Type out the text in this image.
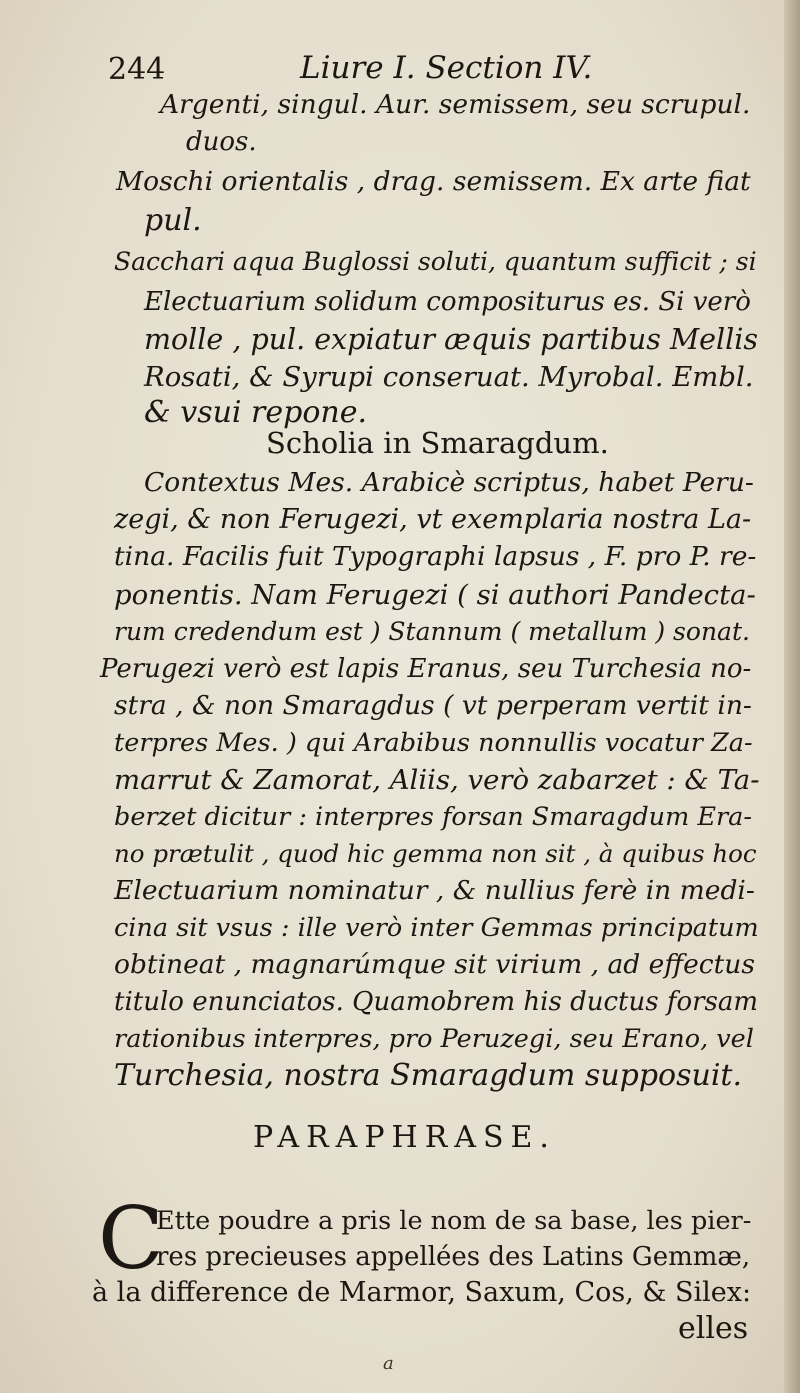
244	Liure I. Section IV.
Argenti, singul. Aur. semissem, seu scrupul.
duos.
Moschi orientalis , drag. semissem. Ex arte fiat
pul.
Sacchari aqua Buglossi soluti, quantum sufficit ; si
Electuarium solidum compositurus es. Si verò
molle , pul. expiatur æquis partibus Mellis
Rosati, & Syrupi conseruat. Myrobal. Embl.
& vsui repone.
Scholia in Smaragdum.
Contextus Mes. Arabicè scriptus, habet Peru-
zegi, & non Ferugezi, vt exemplaria nostra La-
tina. Facilis fuit Typographi lapsus , F. pro P. re-
ponentis. Nam Ferugezi ( si authori Pandecta-
rum credendum est ) Stannum ( metallum ) sonat.
Perugezi verò est lapis Eranus, seu Turchesia no-
stra , & non Smaragdus ( vt perperam vertit in-
terpres Mes. ) qui Arabibus nonnullis vocatur Za-
marrut & Zamorat, Aliis, verò zabarzet : & Ta-
berzet dicitur : interpres forsan Smaragdum Era-
no prætulit , quod hic gemma non sit , à quibus hoc
Electuarium nominatur , & nullius ferè in medi-
cina sit vsus : ille verò inter Gemmas principatum
obtineat , magnarúmque sit virium , ad effectus
titulo enunciatos. Quamobrem his ductus forsam
rationibus interpres, pro Peruzegi, seu Erano, vel
Turchesia, nostra Smaragdum supposuit.
PARAPHRASE.
C
Ette poudre a pris le nom de sa base, les pier-
res precieuses appellées des Latins Gemmæ,
à la difference de Marmor, Saxum, Cos, & Silex:
elles
a
